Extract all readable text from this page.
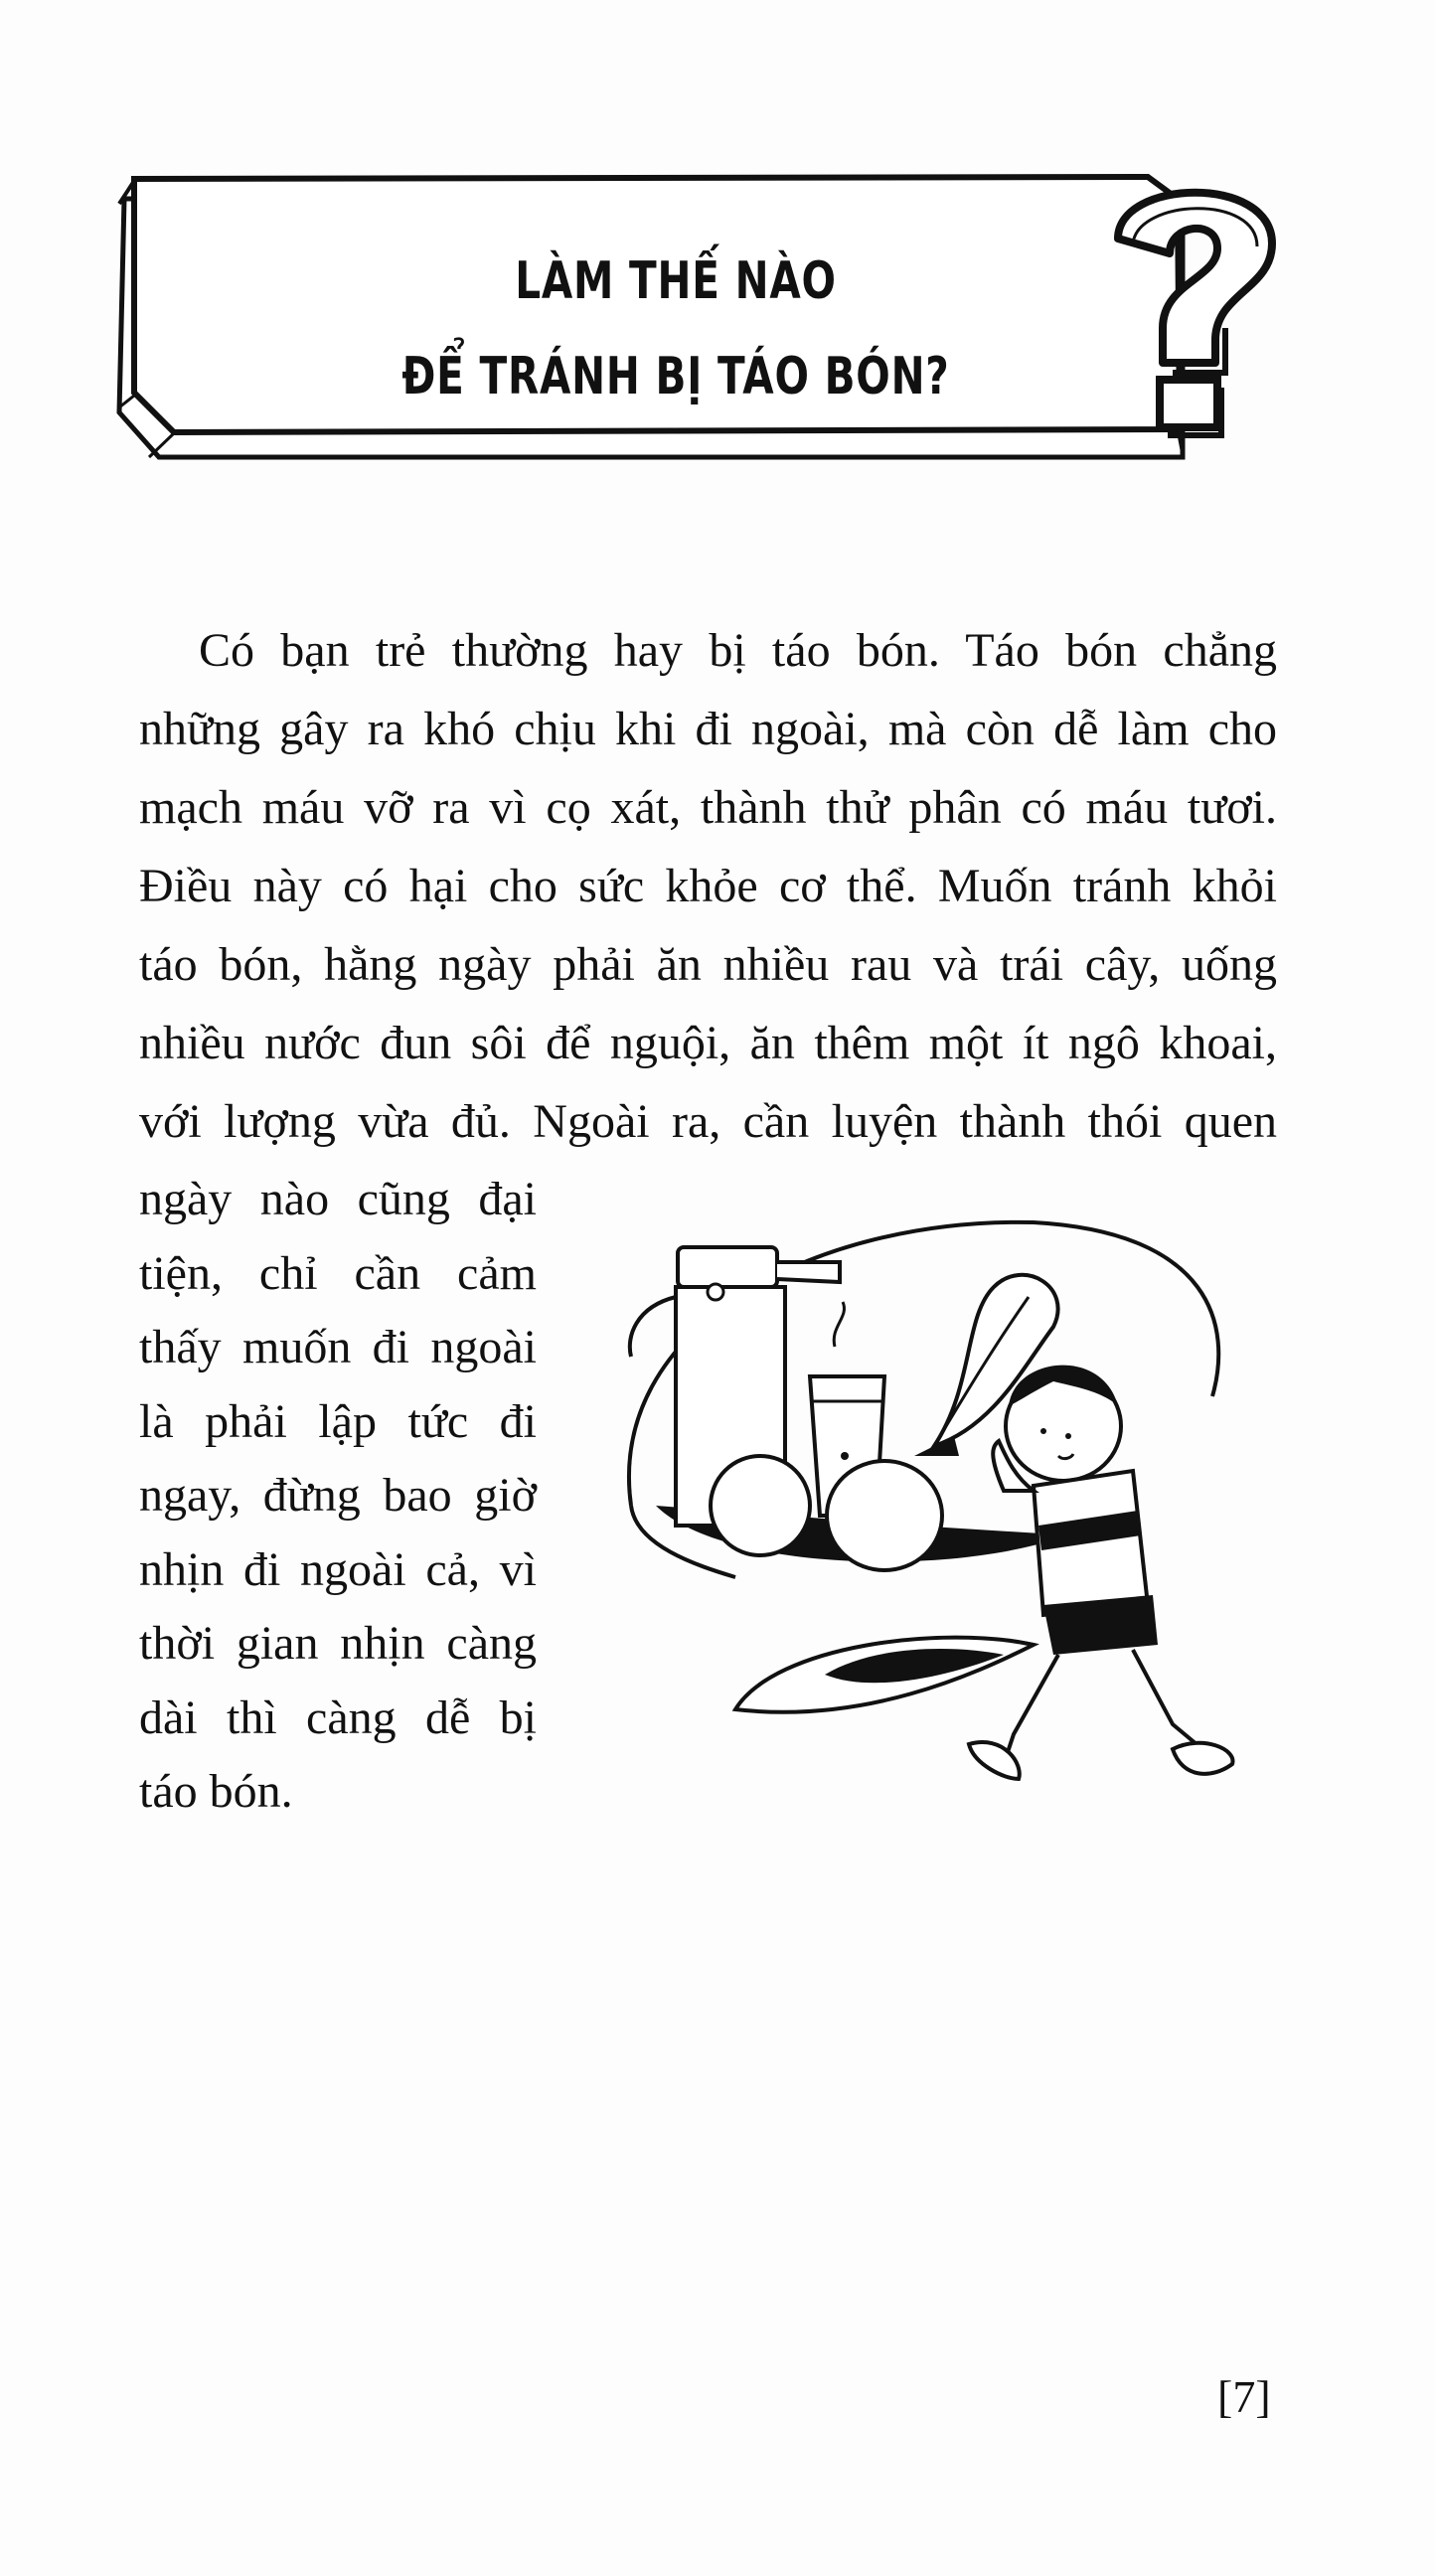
LÀM THẾ NÀO
ĐỂ TRÁNH BỊ TÁO BÓN?
Có bạn trẻ thường hay bị táo bón. Táo bón chẳng
những gây ra khó chịu khi đi ngoài, mà còn dễ làm cho
mạch máu vỡ ra vì cọ xát, thành thử phân có máu tươi.
Điều này có hại cho sức khỏe cơ thể. Muốn tránh khỏi
táo bón, hằng ngày phải ăn nhiều rau và trái cây, uống
nhiều nước đun sôi để nguội, ăn thêm một ít ngô khoai,
với lượng vừa đủ. Ngoài ra, cần luyện thành thói quen
ngày nào cũng đại
tiện, chỉ cần cảm
thấy muốn đi ngoài
là phải lập tức đi
ngay, đừng bao giờ
nhịn đi ngoài cả, vì
thời gian nhịn càng
dài thì càng dễ bị
táo bón.
[7]
